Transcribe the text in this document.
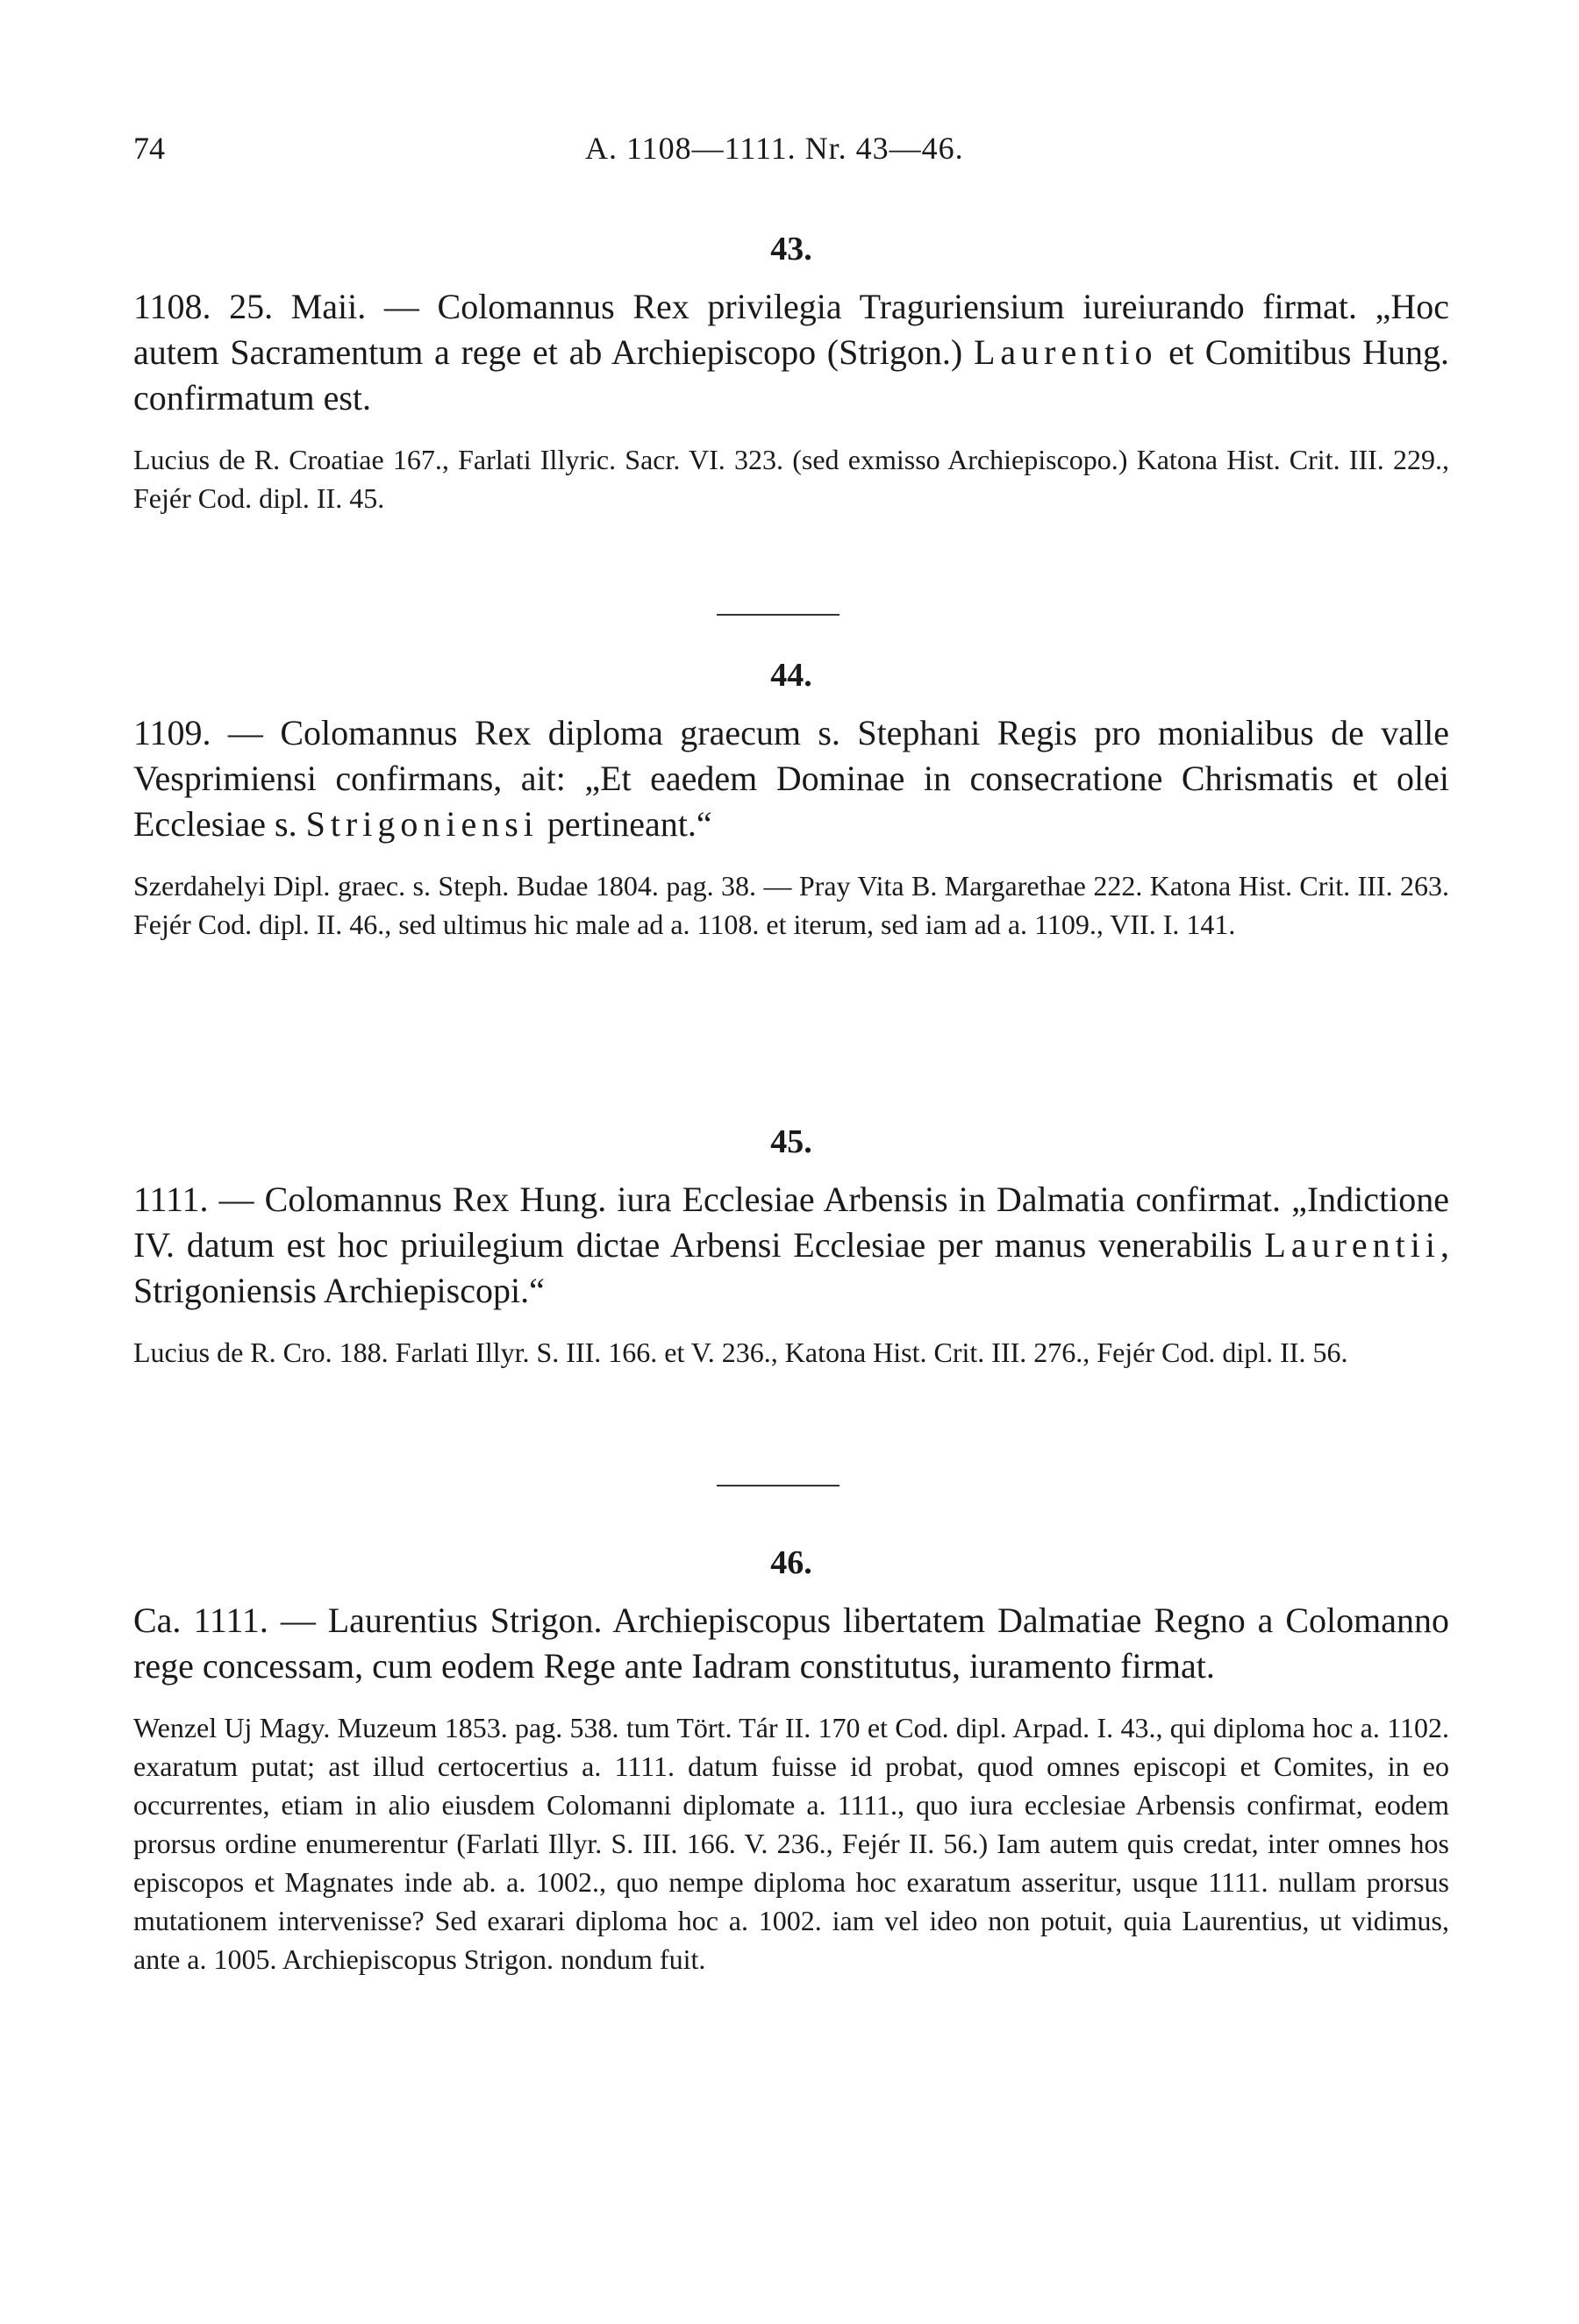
74	A. 1108—1111. Nr. 43—46.
43.

1108. 25. Maii. — Colomannus Rex privilegia Traguriensium iureiurando firmat. „Hoc autem Sacramentum a rege et ab Archiepiscopo (Strigon.) Laurentio et Comitibus Hung. confirmatum est.

Lucius de R. Croatiae 167., Farlati Illyric. Sacr. VI. 323. (sed exmisso Archiepiscopo.) Katona Hist. Crit. III. 229., Fejér Cod. dipl. II. 45.

44.

1109. — Colomannus Rex diploma graecum s. Stephani Regis pro monialibus de valle Vesprimiensi confirmans, ait: „Et eaedem Dominae in consecratione Chrismatis et olei Ecclesiae s. Strigoniensi pertineant.“

Szerdahelyi Dipl. graec. s. Steph. Budae 1804. pag. 38. — Pray Vita B. Margarethae 222. Katona Hist. Crit. III. 263. Fejér Cod. dipl. II. 46., sed ultimus hic male ad a. 1108. et iterum, sed iam ad a. 1109., VII. I. 141.

45.

1111. — Colomannus Rex Hung. iura Ecclesiae Arbensis in Dalmatia confirmat. „Indictione IV. datum est hoc priuilegium dictae Arbensi Ecclesiae per manus venerabilis Laurentii, Strigoniensis Archiepiscopi.“

Lucius de R. Cro. 188. Farlati Illyr. S. III. 166. et V. 236., Katona Hist. Crit. III. 276., Fejér Cod. dipl. II. 56.

46.

Ca. 1111. — Laurentius Strigon. Archiepiscopus libertatem Dalmatiae Regno a Colomanno rege concessam, cum eodem Rege ante Iadram constitutus, iuramento firmat.

Wenzel Uj Magy. Muzeum 1853. pag. 538. tum Tört. Tár II. 170 et Cod. dipl. Arpad. I. 43., qui diploma hoc a. 1102. exaratum putat; ast illud certocertius a. 1111. datum fuisse id probat, quod omnes episcopi et Comites, in eo occurrentes, etiam in alio eiusdem Colomanni diplomate a. 1111., quo iura ecclesiae Arbensis confirmat, eodem prorsus ordine enumerentur (Farlati Illyr. S. III. 166. V. 236., Fejér II. 56.) Iam autem quis credat, inter omnes hos episcopos et Magnates inde ab. a. 1002., quo nempe diploma hoc exaratum asseritur, usque 1111. nullam prorsus mutationem intervenisse? Sed exarari diploma hoc a. 1002. iam vel ideo non potuit, quia Laurentius, ut vidimus, ante a. 1005. Archiepiscopus Strigon. nondum fuit.
